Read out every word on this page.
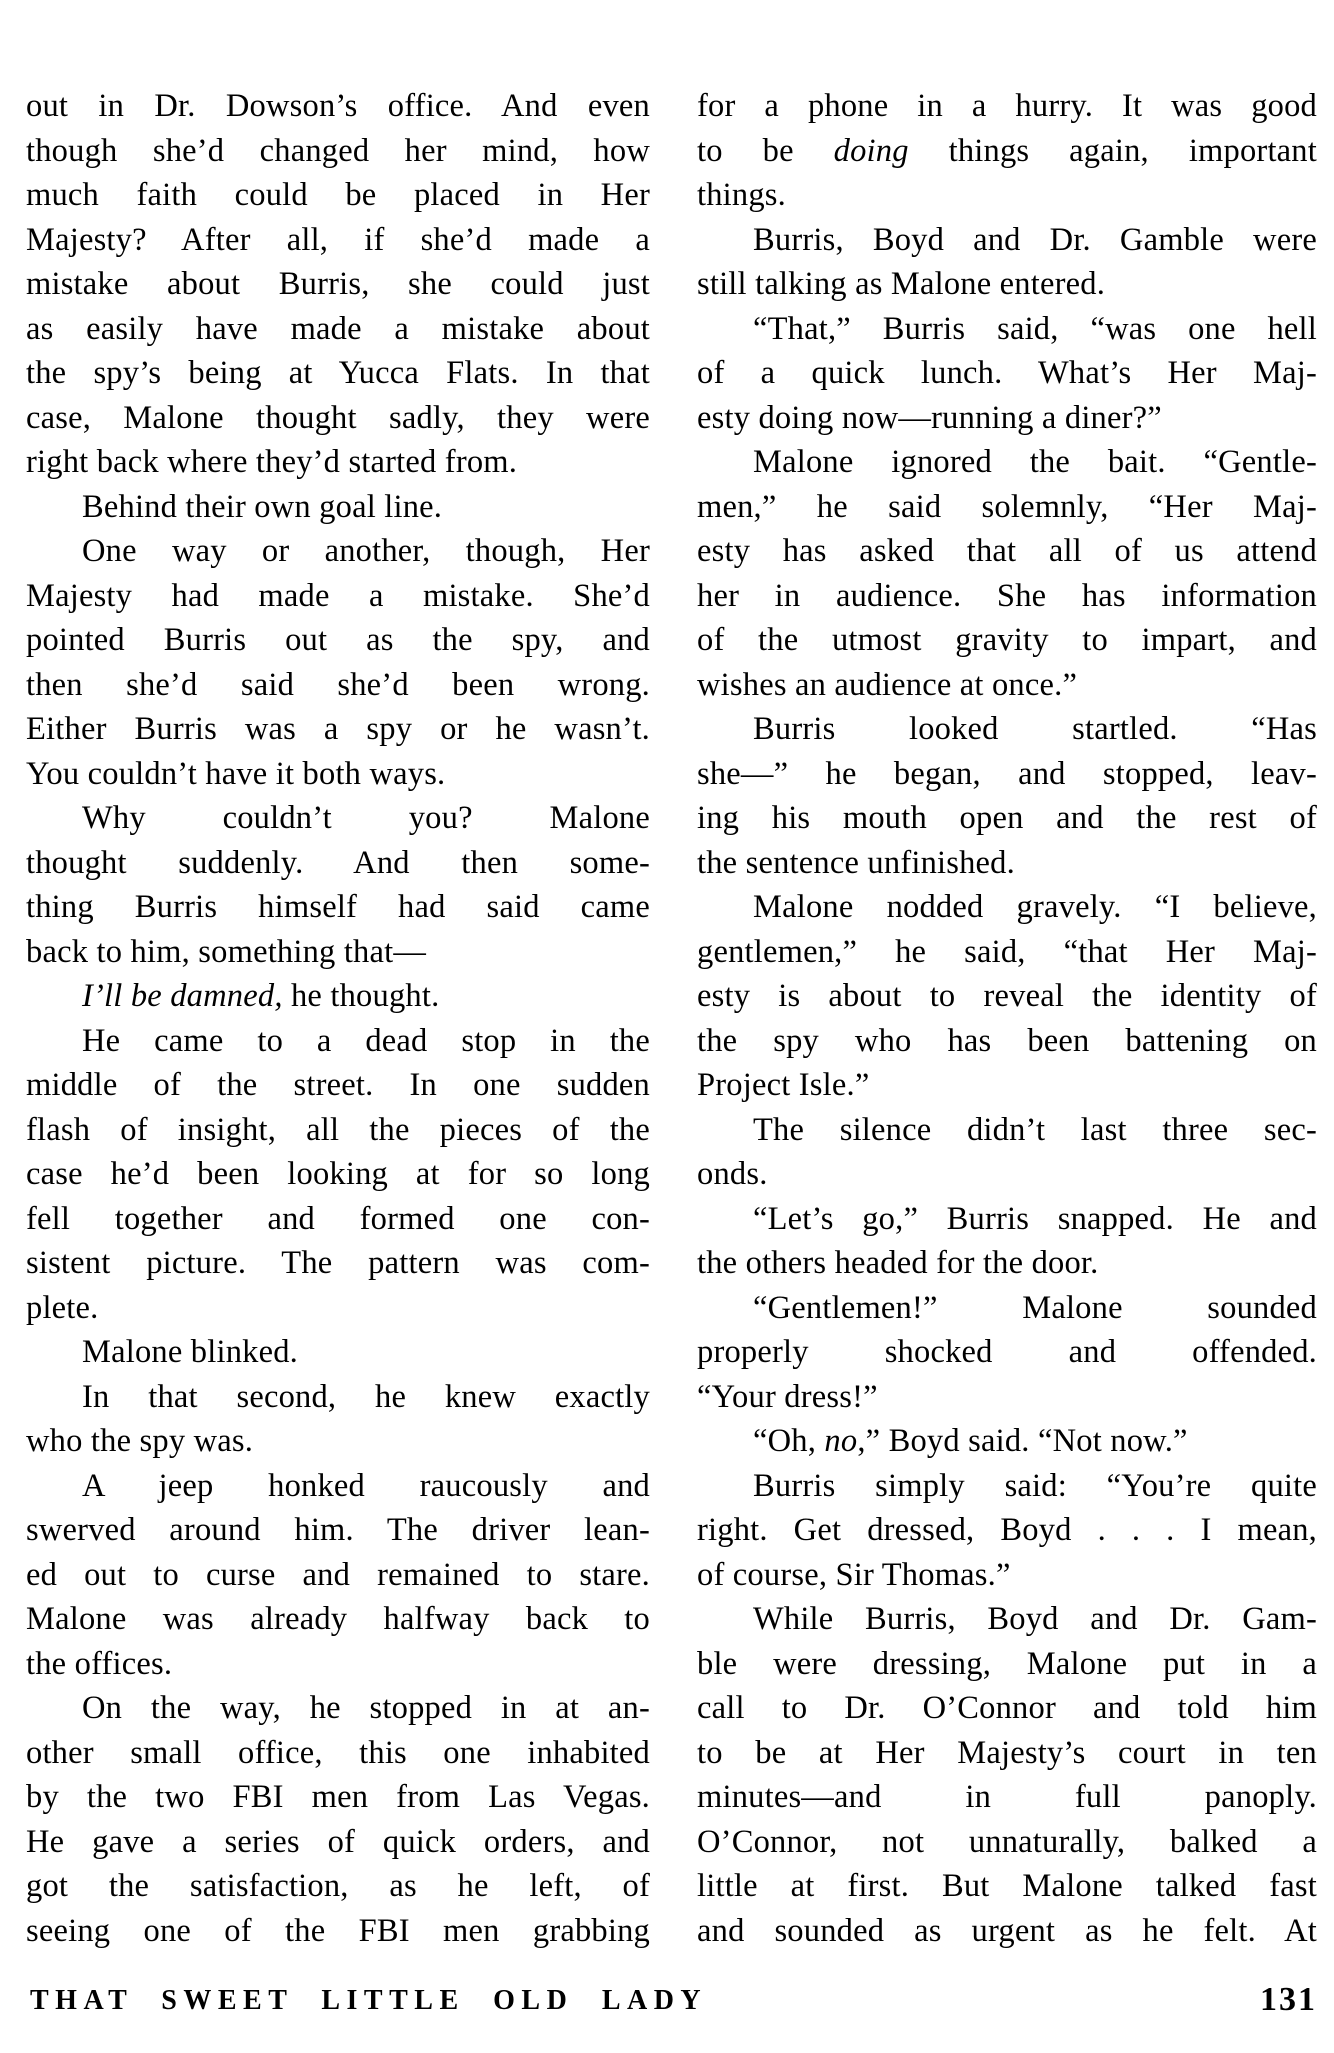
out in Dr. Dowson’s office. And even
though she’d changed her mind, how
much faith could be placed in Her
Majesty? After all, if she’d made a
mistake about Burris, she could just
as easily have made a mistake about
the spy’s being at Yucca Flats. In that
case, Malone thought sadly, they were
right back where they’d started from.
Behind their own goal line.
One way or another, though, Her
Majesty had made a mistake. She’d
pointed Burris out as the spy, and
then she’d said she’d been wrong.
Either Burris was a spy or he wasn’t.
You couldn’t have it both ways.
Why couldn’t you? Malone
thought suddenly. And then some-
thing Burris himself had said came
back to him, something that—
I’ll be damned, he thought.
He came to a dead stop in the
middle of the street. In one sudden
flash of insight, all the pieces of the
case he’d been looking at for so long
fell together and formed one con-
sistent picture. The pattern was com-
plete.
Malone blinked.
In that second, he knew exactly
who the spy was.
A jeep honked raucously and
swerved around him. The driver lean-
ed out to curse and remained to stare.
Malone was already halfway back to
the offices.
On the way, he stopped in at an-
other small office, this one inhabited
by the two FBI men from Las Vegas.
He gave a series of quick orders, and
got the satisfaction, as he left, of
seeing one of the FBI men grabbing
for a phone in a hurry. It was good
to be doing things again, important
things.
Burris, Boyd and Dr. Gamble were
still talking as Malone entered.
“That,” Burris said, “was one hell
of a quick lunch. What’s Her Maj-
esty doing now—running a diner?”
Malone ignored the bait. “Gentle-
men,” he said solemnly, “Her Maj-
esty has asked that all of us attend
her in audience. She has information
of the utmost gravity to impart, and
wishes an audience at once.”
Burris looked startled. “Has
she—” he began, and stopped, leav-
ing his mouth open and the rest of
the sentence unfinished.
Malone nodded gravely. “I believe,
gentlemen,” he said, “that Her Maj-
esty is about to reveal the identity of
the spy who has been battening on
Project Isle.”
The silence didn’t last three sec-
onds.
“Let’s go,” Burris snapped. He and
the others headed for the door.
“Gentlemen!” Malone sounded
properly shocked and offended.
“Your dress!”
“Oh, no,” Boyd said. “Not now.”
Burris simply said: “You’re quite
right. Get dressed, Boyd . . . I mean,
of course, Sir Thomas.”
While Burris, Boyd and Dr. Gam-
ble were dressing, Malone put in a
call to Dr. O’Connor and told him
to be at Her Majesty’s court in ten
minutes—and in full panoply.
O’Connor, not unnaturally, balked a
little at first. But Malone talked fast
and sounded as urgent as he felt. At
THAT SWEET LITTLE OLD LADY	131
